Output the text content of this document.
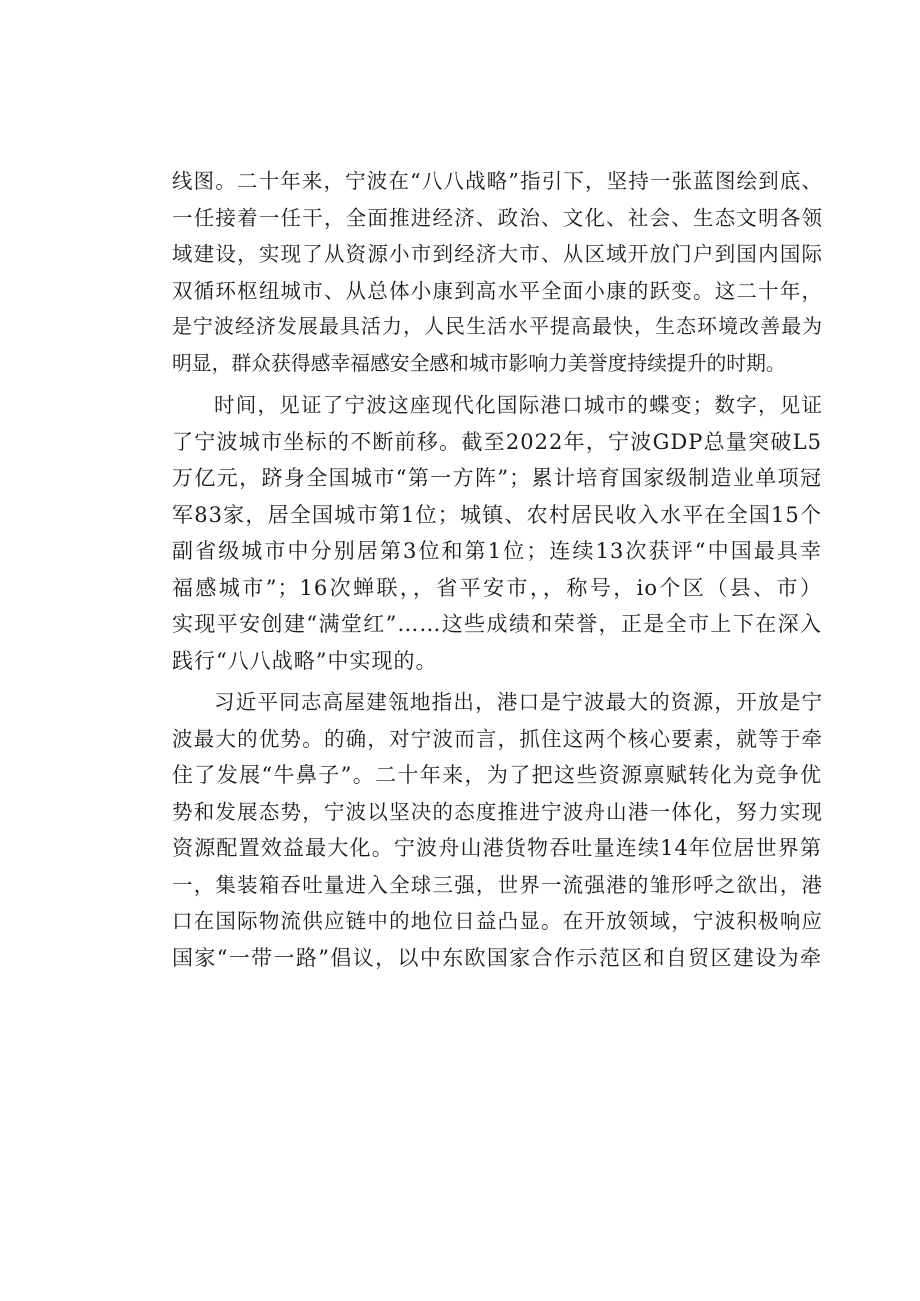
线图。二十年来，宁波在“八八战略”指引下，坚持一张蓝图绘到底、
一任接着一任干，全面推进经济、政治、文化、社会、生态文明各领
域建设，实现了从资源小市到经济大市、从区域开放门户到国内国际
双循环枢纽城市、从总体小康到高水平全面小康的跃变。这二十年，
是宁波经济发展最具活力，人民生活水平提高最快，生态环境改善最为
明显，群众获得感幸福感安全感和城市影响力美誉度持续提升的时期。
时间，见证了宁波这座现代化国际港口城市的蝶变；数字，见证
了宁波城市坐标的不断前移。截至2022年，宁波GDP总量突破L5
万亿元，跻身全国城市“第一方阵”；累计培育国家级制造业单项冠
军83家，居全国城市第1位；城镇、农村居民收入水平在全国15个
副省级城市中分别居第3位和第1位；连续13次获评“中国最具幸
福感城市”；16次蝉联，，省平安市，，称号，io个区（县、市）
实现平安创建“满堂红”……这些成绩和荣誉，正是全市上下在深入
践行“八八战略”中实现的。
习近平同志高屋建瓴地指出，港口是宁波最大的资源，开放是宁
波最大的优势。的确，对宁波而言，抓住这两个核心要素，就等于牵
住了发展“牛鼻子”。二十年来，为了把这些资源禀赋转化为竞争优
势和发展态势，宁波以坚决的态度推进宁波舟山港一体化，努力实现
资源配置效益最大化。宁波舟山港货物吞吐量连续14年位居世界第
一，集装箱吞吐量进入全球三强，世界一流强港的雏形呼之欲出，港
口在国际物流供应链中的地位日益凸显。在开放领域，宁波积极响应
国家“一带一路”倡议，以中东欧国家合作示范区和自贸区建设为牵
